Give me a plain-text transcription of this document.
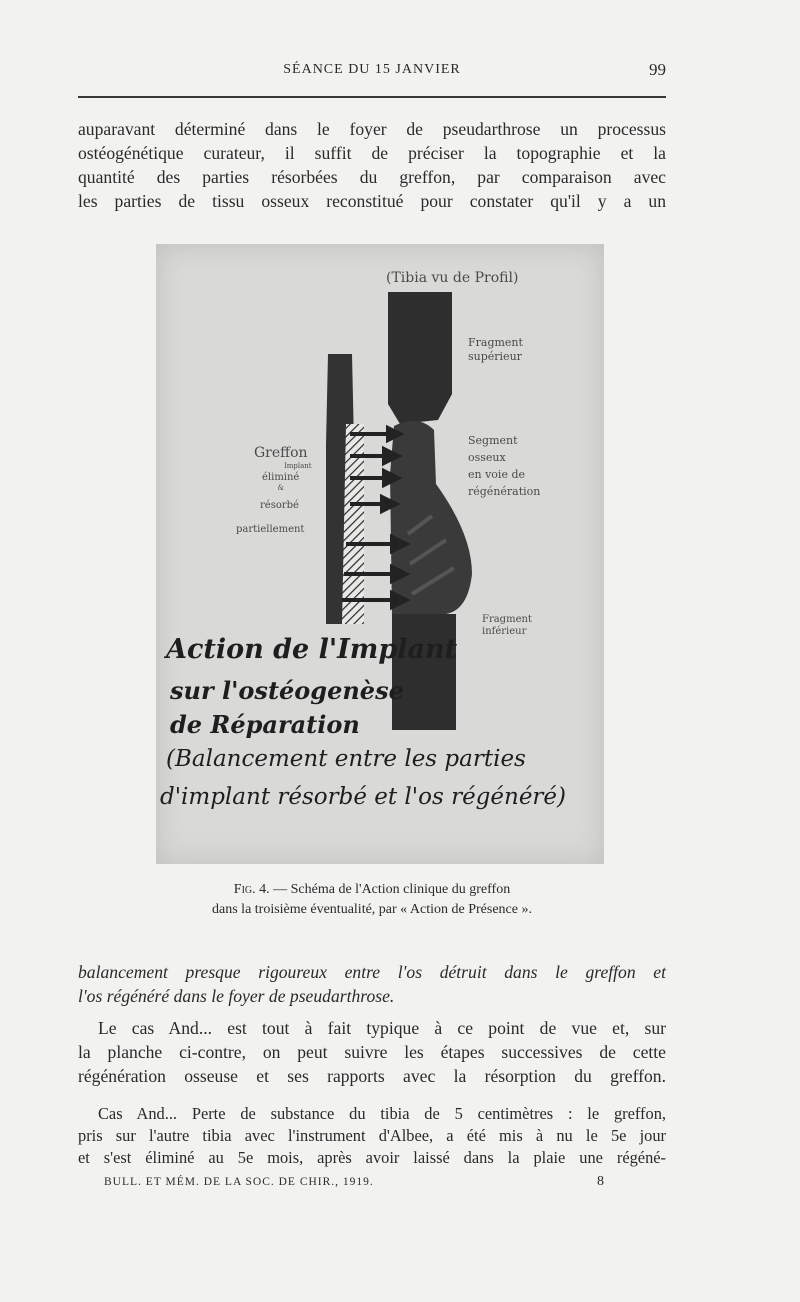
SÉANCE DU 15 JANVIER	99
auparavant déterminé dans le foyer de pseudarthrose un processus
ostéogénétique curateur, il suffit de préciser la topographie et la
quantité des parties résorbées du greffon, par comparaison avec
les parties de tissu osseux reconstitué pour constater qu'il y a un
(Tibia vu de Profil)
Fragment supérieur
Segment
osseux
en voie de
régénération
Greffon
Implant
éliminé
&
résorbé
partiellement
Fragment inférieur
Action de l'Implant
sur l'ostéogenèse
de Réparation
(Balancement entre les parties
d'implant résorbé et l'os régénéré)
Fig. 4. — Schéma de l'Action clinique du greffon
dans la troisième éventualité, par « Action de Présence ».
balancement presque rigoureux entre l'os détruit dans le greffon et
l'os régénéré dans le foyer de pseudarthrose.
Le cas And... est tout à fait typique à ce point de vue et, sur
la planche ci-contre, on peut suivre les étapes successives de cette
régénération osseuse et ses rapports avec la résorption du greffon.
Cas And... Perte de substance du tibia de 5 centimètres : le greffon,
pris sur l'autre tibia avec l'instrument d'Albee, a été mis à nu le 5e jour
et s'est éliminé au 5e mois, après avoir laissé dans la plaie une régéné-
BULL. ET MÉM. DE LA SOC. DE CHIR., 1919.	8
